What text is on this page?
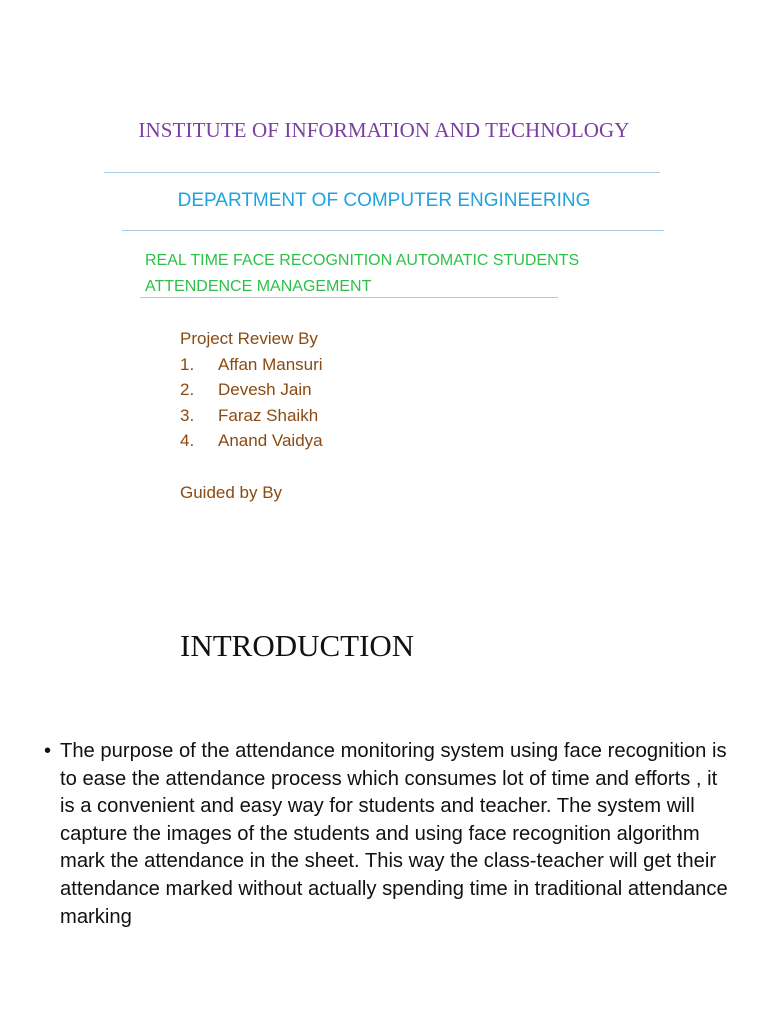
INSTITUTE OF INFORMATION AND TECHNOLOGY
DEPARTMENT OF COMPUTER ENGINEERING
REAL TIME FACE RECOGNITION AUTOMATIC STUDENTS
ATTENDENCE MANAGEMENT
Project Review By
1.	Affan Mansuri
2.	Devesh Jain
3.	Faraz Shaikh
4.	Anand Vaidya
Guided by By
INTRODUCTION
• The purpose of the attendance monitoring system using face recognition is to ease the attendance process which consumes lot of time and efforts , it is a convenient and easy way for students and teacher. The system will capture the images of the students and using face recognition algorithm mark the attendance in the sheet. This way the class-teacher will get their attendance marked without actually spending time in traditional attendance marking
